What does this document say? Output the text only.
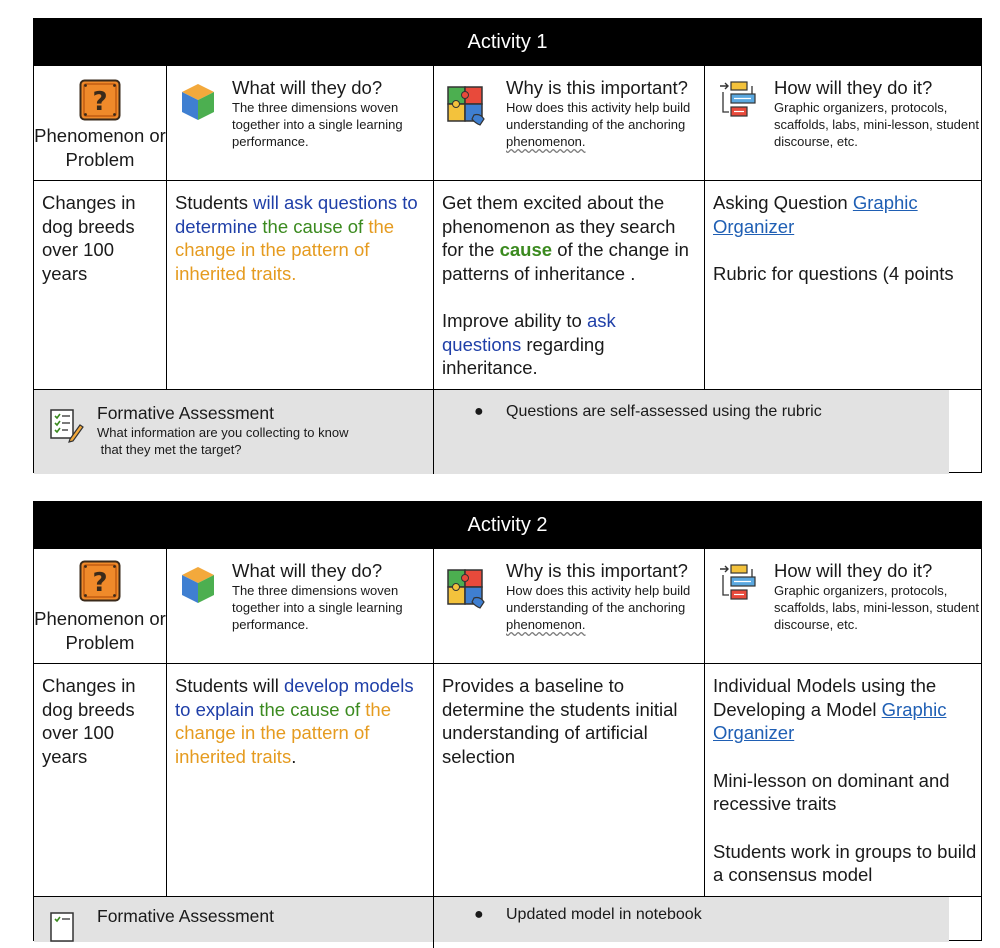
Activity 1
?
Phenomenon or Problem
What will they do?
The three dimensions woven together into a single learning performance.
Why is this important?
How does this activity help build understanding of the anchoring phenomenon.
How will they do it?
Graphic organizers, protocols, scaffolds, labs, mini-lesson, student discourse, etc.
Changes in dog breeds over 100 years
Students will ask questions to determine the cause of the change in the pattern of inherited traits.

Get them excited about the phenomenon as they search for the cause of the change in patterns of inheritance .

Improve ability to ask questions regarding inheritance.

Asking Question Graphic Organizer

Rubric for questions (4 points

Formative Assessment
What information are you collecting to know
that they met the target?
● Questions are self-assessed using the rubric
Activity 2
?
Phenomenon or Problem
What will they do?
The three dimensions woven together into a single learning performance.
Why is this important?
How does this activity help build understanding of the anchoring phenomenon.
How will they do it?
Graphic organizers, protocols, scaffolds, labs, mini-lesson, student discourse, etc.
Changes in dog breeds over 100 years
Students will develop models to explain the cause of the change in the pattern of inherited traits.
Provides a baseline to determine the students initial understanding of artificial selection

Individual Models using the Developing a Model Graphic Organizer

Mini-lesson on dominant and recessive traits

Students work in groups to build a consensus model

Formative Assessment	● Updated model in notebook
